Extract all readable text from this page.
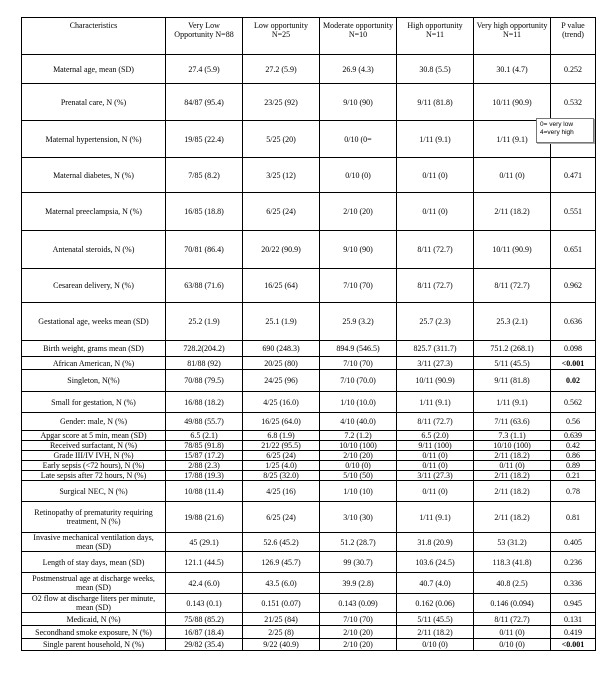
Characteristics	Very Low Opportunity N=88	Low opportunity N=25	Moderate opportunity N=10	High opportunity N=11	Very high opportunity N=11	P value (trend)
Maternal age, mean (SD)	27.4 (5.9)	27.2 (5.9)	26.9 (4.3)	30.8 (5.5)	30.1 (4.7)	0.252
Prenatal care, N (%)	84/87 (95.4)	23/25 (92)	9/10 (90)	9/11 (81.8)	10/11 (90.9)	0.532
Maternal hypertension, N (%)	19/85 (22.4)	5/25 (20)	0/10 (0=	1/11 (9.1)	1/11 (9.1)	
Maternal diabetes, N (%)	7/85 (8.2)	3/25 (12)	0/10 (0)	0/11 (0)	0/11 (0)	0.471
Maternal preeclampsia, N (%)	16/85 (18.8)	6/25 (24)	2/10 (20)	0/11 (0)	2/11 (18.2)	0.551
Antenatal steroids, N (%)	70/81 (86.4)	20/22 (90.9)	9/10 (90)	8/11 (72.7)	10/11 (90.9)	0.651
Cesarean delivery, N (%)	63/88 (71.6)	16/25 (64)	7/10 (70)	8/11 (72.7)	8/11 (72.7)	0.962
Gestational age, weeks mean (SD)	25.2 (1.9)	25.1 (1.9)	25.9 (3.2)	25.7 (2.3)	25.3 (2.1)	0.636
Birth weight, grams mean (SD)	728.2(204.2)	690 (248.3)	894.9 (546.5)	825.7 (311.7)	751.2 (268.1)	0.098
African American, N (%)	81/88 (92)	20/25 (80)	7/10 (70)	3/11 (27.3)	5/11 (45.5)	<0.001
Singleton, N(%)	70/88 (79.5)	24/25 (96)	7/10 (70.0)	10/11 (90.9)	9/11 (81.8)	0.02
Small for gestation, N (%)	16/88 (18.2)	4/25 (16.0)	1/10 (10.0)	1/11 (9.1)	1/11 (9.1)	0.562
Gender: male, N (%)	49/88 (55.7)	16/25 (64.0)	4/10 (40.0)	8/11 (72.7)	7/11 (63.6)	0.56
Apgar score at 5 min, mean (SD)	6.5 (2.1)	6.8 (1.9)	7.2 (1.2)	6.5 (2.0)	7.3 (1.1)	0.639
Received surfactant, N (%)	78/85 (91.8)	21/22 (95.5)	10/10 (100)	9/11 (100)	10/10 (100)	0.42
Grade III/IV IVH, N (%)	15/87 (17.2)	6/25 (24)	2/10 (20)	0/11 (0)	2/11 (18.2)	0.86
Early sepsis (<72 hours), N (%)	2/88 (2.3)	1/25 (4.0)	0/10 (0)	0/11 (0)	0/11 (0)	0.89
Late sepsis after 72 hours, N (%)	17/88 (19.3)	8/25 (32.0)	5/10 (50)	3/11 (27.3)	2/11 (18.2)	0.21
Surgical NEC, N (%)	10/88 (11.4)	4/25 (16)	1/10 (10)	0/11 (0)	2/11 (18.2)	0.78
Retinopathy of prematurity requiring treatment, N (%)	19/88 (21.6)	6/25 (24)	3/10 (30)	1/11 (9.1)	2/11 (18.2)	0.81
Invasive mechanical ventilation days, mean (SD)	45 (29.1)	52.6 (45.2)	51.2 (28.7)	31.8 (20.9)	53 (31.2)	0.405
Length of stay days, mean (SD)	121.1 (44.5)	126.9 (45.7)	99 (30.7)	103.6 (24.5)	118.3 (41.8)	0.236
Postmenstrual age at discharge weeks, mean (SD)	42.4 (6.0)	43.5 (6.0)	39.9 (2.8)	40.7 (4.0)	40.8 (2.5)	0.336
O2 flow at discharge liters per minute, mean (SD)	0.143 (0.1)	0.151 (0.07)	0.143 (0.09)	0.162 (0.06)	0.146 (0.094)	0.945
Medicaid, N (%)	75/88 (85.2)	21/25 (84)	7/10 (70)	5/11 (45.5)	8/11 (72.7)	0.131
Secondhand smoke exposure, N (%)	16/87 (18.4)	2/25 (8)	2/10 (20)	2/11 (18.2)	0/11 (0)	0.419
Single parent household, N (%)	29/82 (35.4)	9/22 (40.9)	2/10 (20)	0/10 (0)	0/10 (0)	<0.001
0= very low
4=very high
